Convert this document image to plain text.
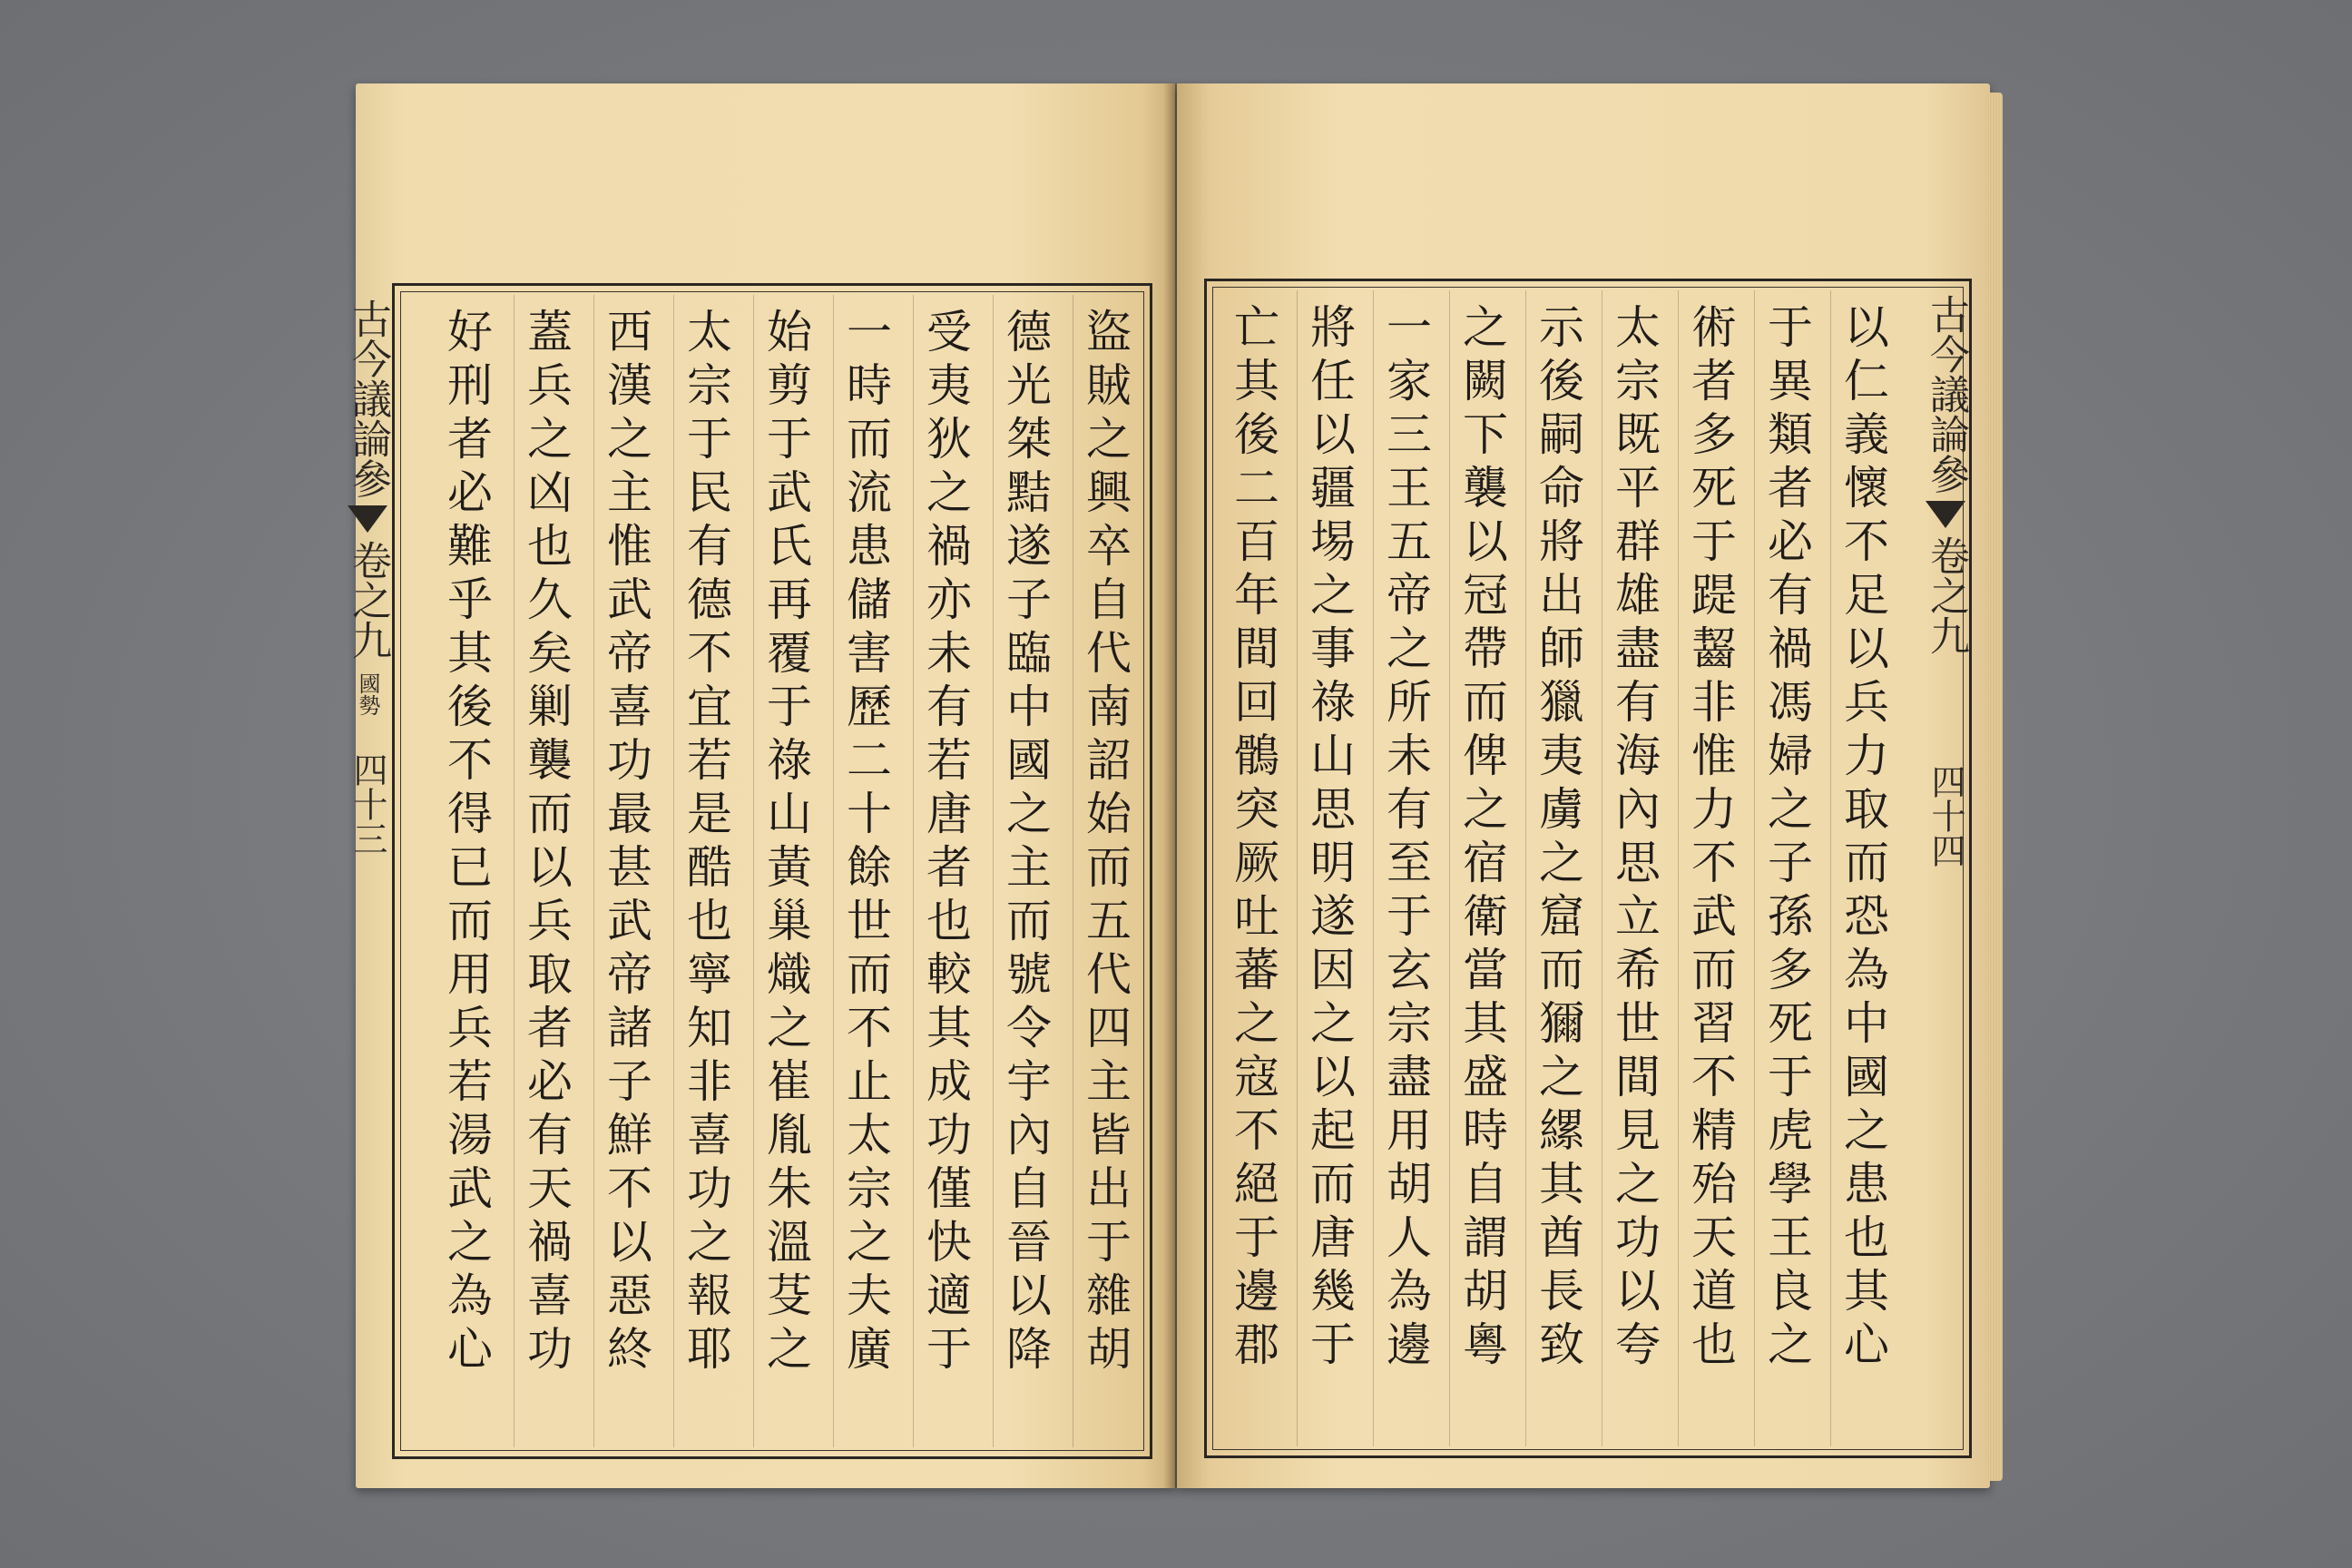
古今議論參
卷之九
國勢
四十三
盜
賊
之
興
卒
自
代
南
詔
始
而
五
代
四
主
皆
出
于
雜
胡
德
光
桀
黠
遂
子
臨
中
國
之
主
而
號
令
宇
內
自
晉
以
降
受
夷
狄
之
禍
亦
未
有
若
唐
者
也
較
其
成
功
僅
快
適
于
一
時
而
流
患
儲
害
歷
二
十
餘
世
而
不
止
太
宗
之
夫
廣
始
剪
于
武
氏
再
覆
于
祿
山
黃
巢
熾
之
崔
胤
朱
溫
芟
之
太
宗
于
民
有
德
不
宜
若
是
酷
也
寧
知
非
喜
功
之
報
耶
西
漢
之
主
惟
武
帝
喜
功
最
甚
武
帝
諸
子
鮮
不
以
惡
終
蓋
兵
之
凶
也
久
矣
剿
襲
而
以
兵
取
者
必
有
天
禍
喜
功
好
刑
者
必
難
乎
其
後
不
得
已
而
用
兵
若
湯
武
之
為
心
古今議論參
卷之九
四十四
以
仁
義
懷
不
足
以
兵
力
取
而
恐
為
中
國
之
患
也
其
心
于
異
類
者
必
有
禍
馮
婦
之
子
孫
多
死
于
虎
學
王
良
之
術
者
多
死
于
踶
齧
非
惟
力
不
武
而
習
不
精
殆
天
道
也
太
宗
既
平
群
雄
盡
有
海
內
思
立
希
世
間
見
之
功
以
夸
示
後
嗣
命
將
出
師
獵
夷
虜
之
窟
而
獮
之
縲
其
酋
長
致
之
闕
下
襲
以
冠
帶
而
俾
之
宿
衛
當
其
盛
時
自
謂
胡
粵
一
家
三
王
五
帝
之
所
未
有
至
于
玄
宗
盡
用
胡
人
為
邊
將
任
以
疆
埸
之
事
祿
山
思
明
遂
因
之
以
起
而
唐
幾
于
亡
其
後
二
百
年
間
回
鶻
突
厥
吐
蕃
之
寇
不
絕
于
邊
郡
